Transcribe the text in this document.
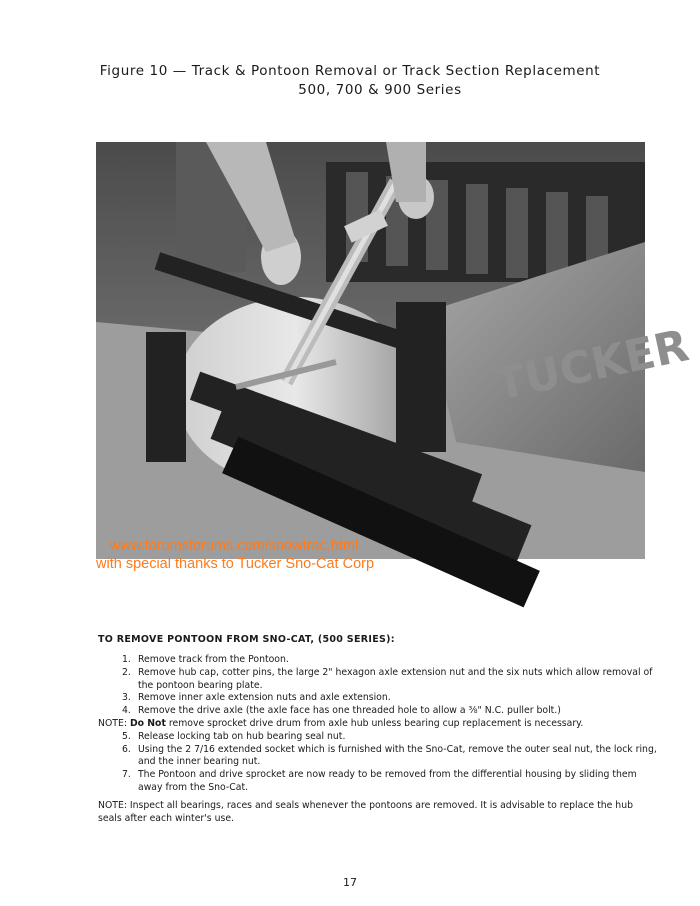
Figure 10 — Track & Pontoon Removal or Track Section Replacement
500, 700 & 900 Series
TUCKER
www.forumsforums.com/snowtrac.html
with special thanks to Tucker Sno-Cat Corp
TO REMOVE PONTOON FROM SNO-CAT, (500 SERIES):
1. Remove track from the Pontoon.
2. Remove hub cap, cotter pins, the large 2" hexagon axle extension nut and the six nuts which allow removal of the pontoon bearing plate.
3. Remove inner axle extension nuts and axle extension.
4. Remove the drive axle (the axle face has one threaded hole to allow a ⅜" N.C. puller bolt.)
NOTE: Do Not remove sprocket drive drum from axle hub unless bearing cup replacement is necessary.
5. Release locking tab on hub bearing seal nut.
6. Using the 2 7/16 extended socket which is furnished with the Sno-Cat, remove the outer seal nut, the lock ring, and the inner bearing nut.
7. The Pontoon and drive sprocket are now ready to be removed from the differential housing by sliding them away from the Sno-Cat.
NOTE: Inspect all bearings, races and seals whenever the pontoons are removed. It is advisable to replace the hub seals after each winter's use.
17
